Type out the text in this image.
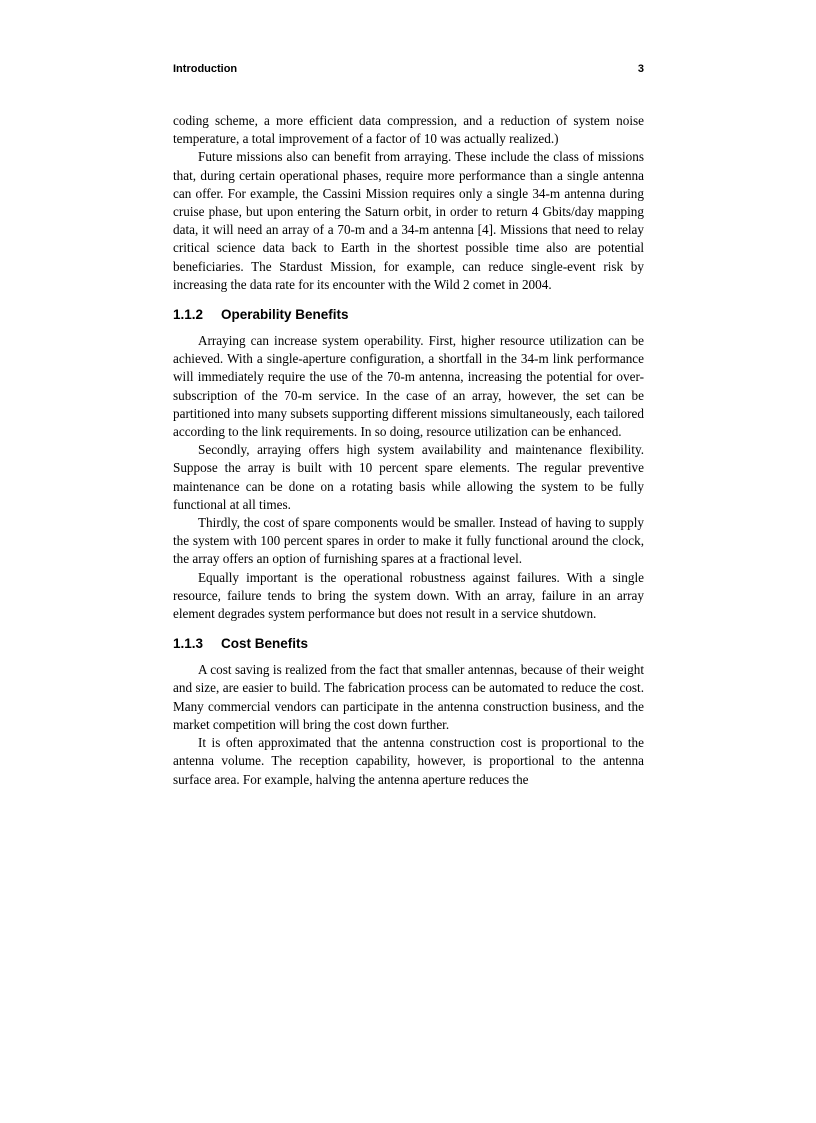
Introduction	3

coding scheme, a more efficient data compression, and a reduction of system noise temperature, a total improvement of a factor of 10 was actually realized.)

Future missions also can benefit from arraying. These include the class of missions that, during certain operational phases, require more performance than a single antenna can offer. For example, the Cassini Mission requires only a single 34-m antenna during cruise phase, but upon entering the Saturn orbit, in order to return 4 Gbits/day mapping data, it will need an array of a 70-m and a 34-m antenna [4]. Missions that need to relay critical science data back to Earth in the shortest possible time also are potential beneficiaries. The Stardust Mission, for example, can reduce single-event risk by increasing the data rate for its encounter with the Wild 2 comet in 2004.

1.1.2 Operability Benefits

Arraying can increase system operability. First, higher resource utilization can be achieved. With a single-aperture configuration, a shortfall in the 34-m link performance will immediately require the use of the 70-m antenna, increasing the potential for over-subscription of the 70-m service. In the case of an array, however, the set can be partitioned into many subsets supporting different missions simultaneously, each tailored according to the link requirements. In so doing, resource utilization can be enhanced.

Secondly, arraying offers high system availability and maintenance flexibility. Suppose the array is built with 10 percent spare elements. The regular preventive maintenance can be done on a rotating basis while allowing the system to be fully functional at all times.

Thirdly, the cost of spare components would be smaller. Instead of having to supply the system with 100 percent spares in order to make it fully functional around the clock, the array offers an option of furnishing spares at a fractional level.

Equally important is the operational robustness against failures. With a single resource, failure tends to bring the system down. With an array, failure in an array element degrades system performance but does not result in a service shutdown.

1.1.3 Cost Benefits

A cost saving is realized from the fact that smaller antennas, because of their weight and size, are easier to build. The fabrication process can be automated to reduce the cost. Many commercial vendors can participate in the antenna construction business, and the market competition will bring the cost down further.

It is often approximated that the antenna construction cost is proportional to the antenna volume. The reception capability, however, is proportional to the antenna surface area. For example, halving the antenna aperture reduces the
